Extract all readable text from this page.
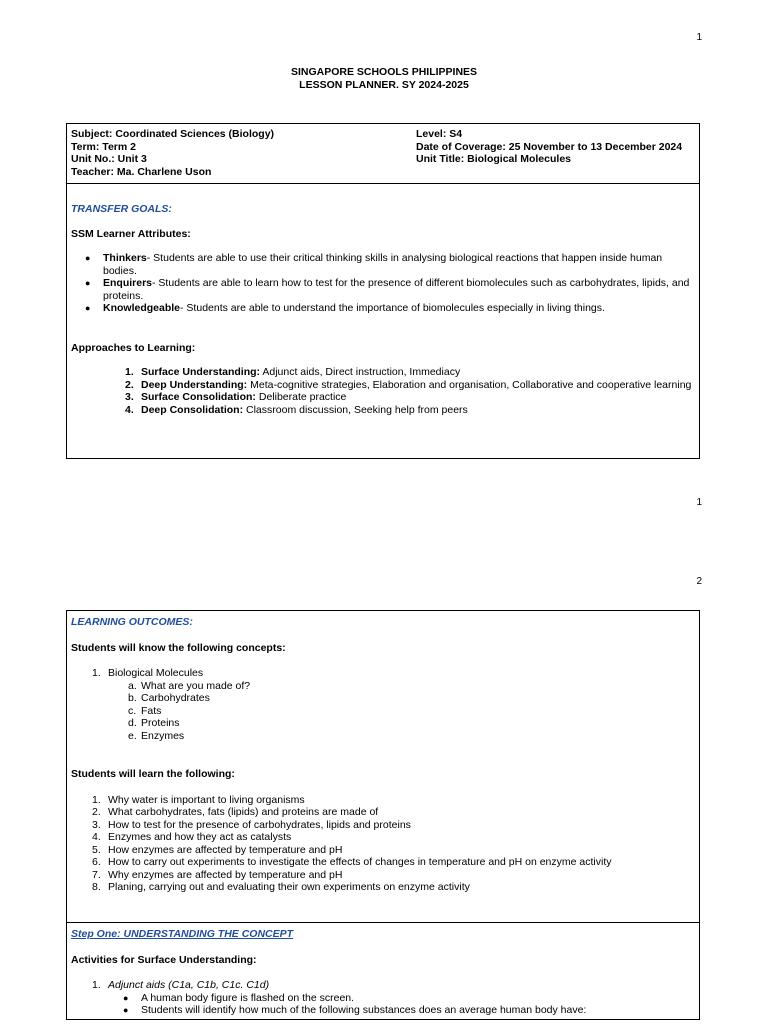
1
SINGAPORE SCHOOLS PHILIPPINES
LESSON PLANNER. SY 2024-2025
Subject: Coordinated Sciences (Biology)	Level: S4
Term: Term 2	Date of Coverage: 25 November to 13 December 2024
Unit No.: Unit 3	Unit Title: Biological Molecules
Teacher: Ma. Charlene Uson
TRANSFER GOALS:
SSM Learner Attributes:
● Thinkers- Students are able to use their critical thinking skills in analysing biological reactions that happen inside human bodies.
● Enquirers- Students are able to learn how to test for the presence of different biomolecules such as carbohydrates, lipids, and proteins.
● Knowledgeable- Students are able to understand the importance of biomolecules especially in living things.
Approaches to Learning:
1. Surface Understanding: Adjunct aids, Direct instruction, Immediacy
2. Deep Understanding: Meta-cognitive strategies, Elaboration and organisation, Collaborative and cooperative learning
3. Surface Consolidation: Deliberate practice
4. Deep Consolidation: Classroom discussion, Seeking help from peers
1
2
LEARNING OUTCOMES:
Students will know the following concepts:
1. Biological Molecules
a. What are you made of?
b. Carbohydrates
c. Fats
d. Proteins
e. Enzymes
Students will learn the following:
1. Why water is important to living organisms
2. What carbohydrates, fats (lipids) and proteins are made of
3. How to test for the presence of carbohydrates, lipids and proteins
4. Enzymes and how they act as catalysts
5. How enzymes are affected by temperature and pH
6. How to carry out experiments to investigate the effects of changes in temperature and pH on enzyme activity
7. Why enzymes are affected by temperature and pH
8. Planing, carrying out and evaluating their own experiments on enzyme activity
Step One: UNDERSTANDING THE CONCEPT
Activities for Surface Understanding:
1. Adjunct aids (C1a, C1b, C1c. C1d)
● A human body figure is flashed on the screen.
● Students will identify how much of the following substances does an average human body have:
